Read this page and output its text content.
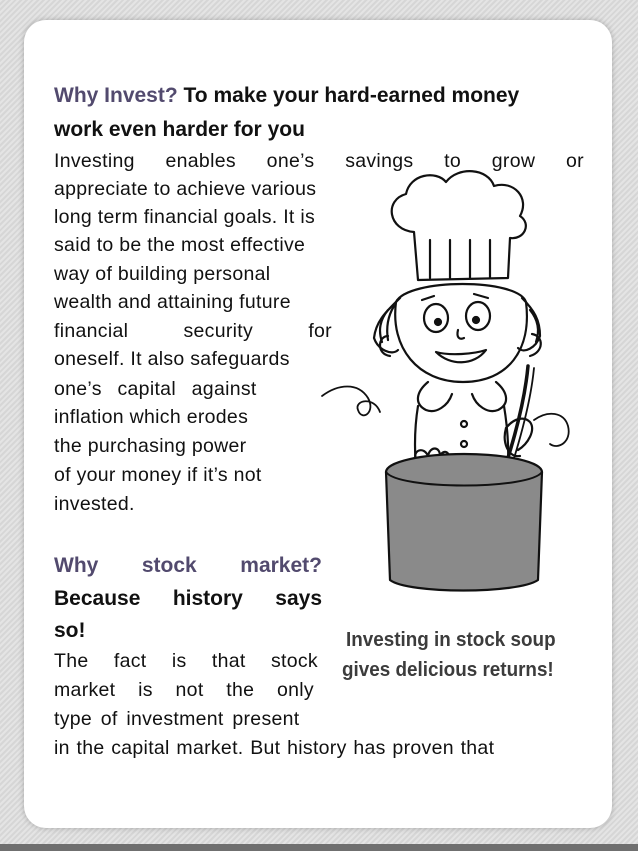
Why Invest? To make your hard-earned money
work even harder for you
Investing enables one’s savings to grow or
appreciate to achieve various
long term financial goals. It is
said to be the most effective
way of building personal
wealth and attaining future
financial	security	for
oneself. It also safeguards
one’s capital against
inflation which erodes
the purchasing power
of your money if it’s not
invested.
Why stock market?
Because history says
so!
The fact is that stock
market is not the only
type of investment present
in the capital market. But history has proven that
Investing in stock soup
gives delicious returns!
